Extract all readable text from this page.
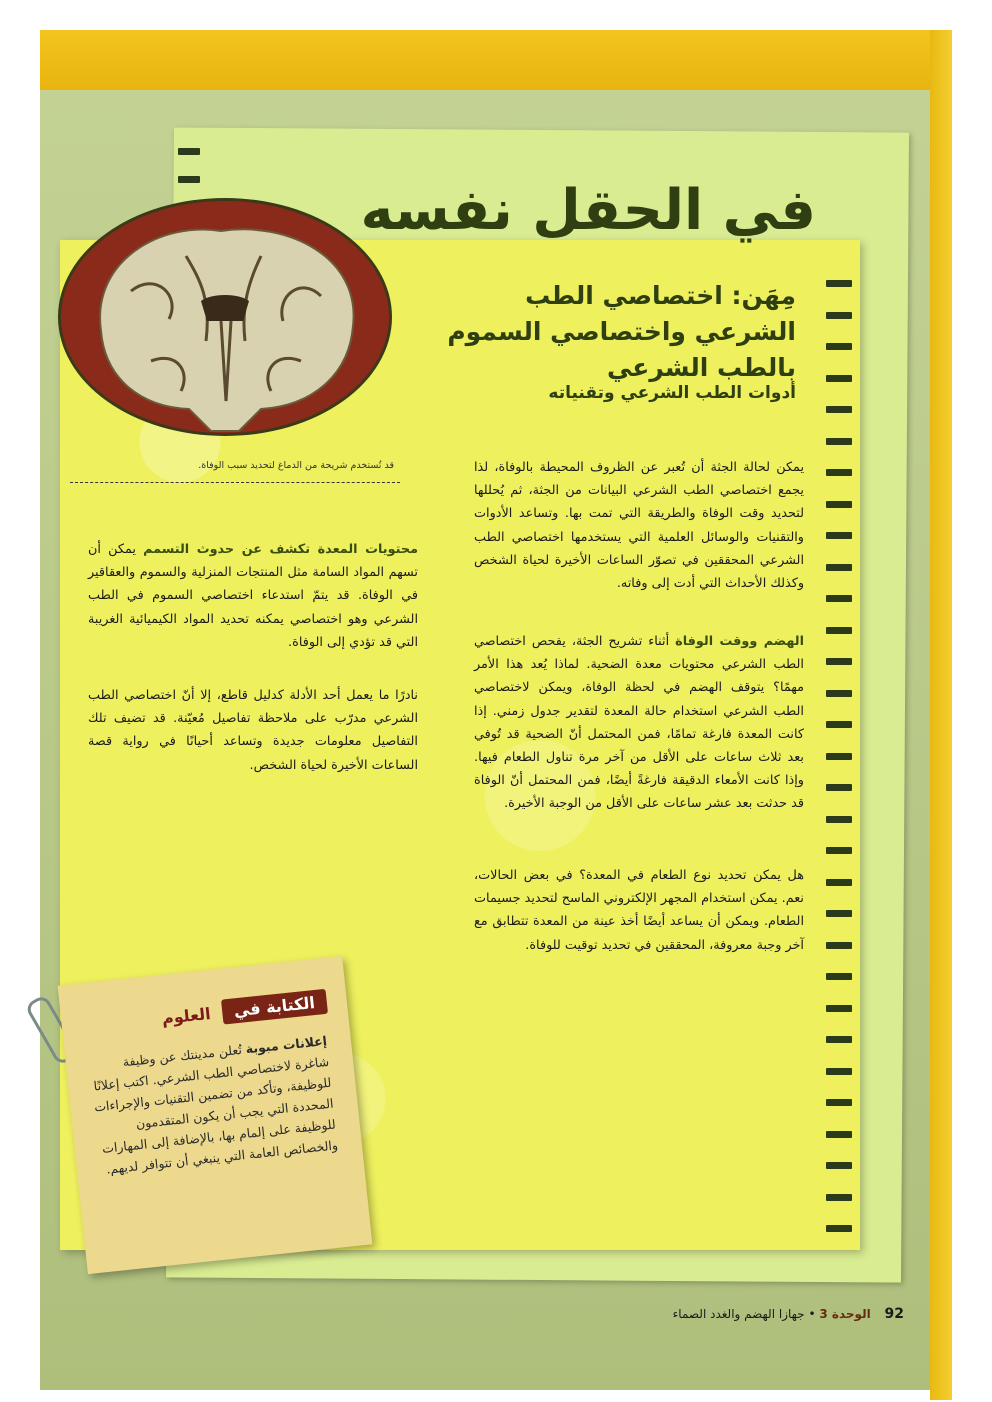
في الحقل نفسه
مِهَن: اختصاصي الطب الشرعي واختصاصي السموم بالطب الشرعي
أدوات الطب الشرعي وتقنياته

قد تُستخدم شريحة من الدماغ لتحديد سبب الوفاة.	يمكن لحالة الجثة أن تُعبر عن الظروف المحيطة بالوفاة، لذا يجمع اختصاصي الطب الشرعي البيانات من الجثة، ثم يُحللها لتحديد وقت الوفاة والطريقة التي تمت بها. وتساعد الأدوات والتقنيات والوسائل العلمية التي يستخدمها اختصاصي الطب الشرعي المحققين في تصوّر الساعات الأخيرة لحياة الشخص وكذلك الأحداث التي أدت إلى وفاته.

الهضم ووقت الوفاة أثناء تشريح الجثة، يفحص اختصاصي الطب الشرعي محتويات معدة الضحية. لماذا يُعد هذا الأمر مهمًا؟ يتوقف الهضم في لحظة الوفاة، ويمكن لاختصاصي الطب الشرعي استخدام حالة المعدة لتقدير جدول زمني. إذا كانت المعدة فارغة تمامًا، فمن المحتمل أنّ الضحية قد تُوفي بعد ثلاث ساعات على الأقل من آخر مرة تناول الطعام فيها. وإذا كانت الأمعاء الدقيقة فارغةً أيضًا، فمن المحتمل أنّ الوفاة قد حدثت بعد عشر ساعات على الأقل من الوجبة الأخيرة.

هل يمكن تحديد نوع الطعام في المعدة؟ في بعض الحالات، نعم. يمكن استخدام المجهر الإلكتروني الماسح لتحديد جسيمات الطعام. ويمكن أن يساعد أيضًا أخذ عينة من المعدة تتطابق مع آخر وجبة معروفة، المحققين في تحديد توقيت للوفاة.

محتويات المعدة تكشف عن حدوث التسمم يمكن أن تسهم المواد السامة مثل المنتجات المنزلية والسموم والعقاقير في الوفاة. قد يتمّ استدعاء اختصاصي السموم في الطب الشرعي وهو اختصاصي يمكنه تحديد المواد الكيميائية الغريبة التي قد تؤدي إلى الوفاة.

نادرًا ما يعمل أحد الأدلة كدليل قاطع، إلا أنّ اختصاصي الطب الشرعي مدرّب على ملاحظة تفاصيل مُعيّنة. قد تضيف تلك التفاصيل معلومات جديدة وتساعد أحيانًا في رواية قصة الساعات الأخيرة لحياة الشخص.

الكتابة في العلوم

إعلانات مبوبة تُعلن مدينتك عن وظيفة شاغرة لاختصاصي الطب الشرعي. اكتب إعلانًا للوظيفة، وتأكد من تضمين التقنيات والإجراءات المحددة التي يجب أن يكون المتقدمون للوظيفة على إلمام بها، بالإضافة إلى المهارات والخصائص العامة التي ينبغي أن تتوافر لديهم.

92 الوحدة 3 • جهازا الهضم والغدد الصماء
